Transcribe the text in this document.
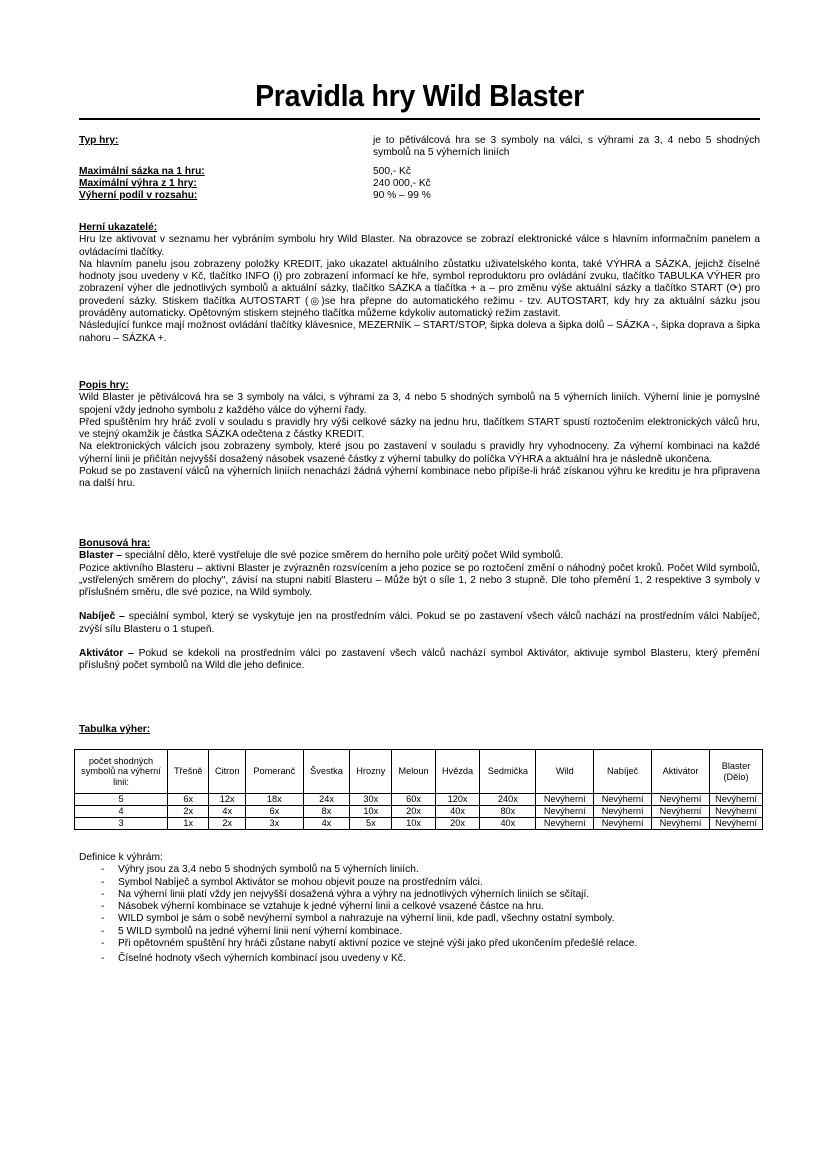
Pravidla hry Wild Blaster
Typ hry:	je to pětiválcová hra se 3 symboly na válci, s výhrami za 3, 4 nebo 5 shodných symbolů na 5 výherních liniích
Maximální sázka na 1 hru:	500,- Kč
Maximální výhra z 1 hry:	240 000,- Kč
Výherní podíl v rozsahu:	90 % – 99 %
Herní ukazatelé:

Hru lze aktivovat v seznamu her vybráním symbolu hry Wild Blaster. Na obrazovce se zobrazí elektronické válce s hlavním informačním panelem a ovládacími tlačítky.

Na hlavním panelu jsou zobrazeny položky KREDIT, jako ukazatel aktuálního zůstatku uživatelského konta, také VÝHRA a SÁZKA, jejichž číselné hodnoty jsou uvedeny v Kč, tlačítko INFO (i) pro zobrazení informací ke hře, symbol reproduktoru pro ovládání zvuku, tlačítko TABULKA VÝHER pro zobrazení výher dle jednotlivých symbolů a aktuální sázky, tlačítko SÁZKA a tlačítka + a – pro změnu výše aktuální sázky a tlačítko START (⟳) pro provedení sázky. Stiskem tlačítka AUTOSTART (◎)se hra přepne do automatického režimu - tzv. AUTOSTART, kdy hry za aktuální sázku jsou prováděny automaticky. Opětovným stiskem stejného tlačítka můžeme kdykoliv automatický režim zastavit.

Následující funkce mají možnost ovládání tlačítky klávesnice, MEZERNÍK – START/STOP, šipka doleva a šipka dolů – SÁZKA -, šipka doprava a šipka nahoru – SÁZKA +.

Popis hry:

Wild Blaster je pětiválcová hra se 3 symboly na válci, s výhrami za 3, 4 nebo 5 shodných symbolů na 5 výherních liniích. Výherní linie je pomyslné spojení vždy jednoho symbolu z každého válce do výherní řady.

Před spuštěním hry hráč zvolí v souladu s pravidly hry výši celkové sázky na jednu hru, tlačítkem START spustí roztočením elektronických válců hru, ve stejný okamžik je částka SÁZKA odečtena z částky KREDIT.

Na elektronických válcích jsou zobrazeny symboly, které jsou po zastavení v souladu s pravidly hry vyhodnoceny. Za výherní kombinaci na každé výherní linii je přičítán nejvyšší dosažený násobek vsazené částky z výherní tabulky do políčka VÝHRA a aktuální hra je následně ukončena.

Pokud se po zastavení válců na výherních liniích nenachází žádná výherní kombinace nebo připíše-li hráč získanou výhru ke kreditu je hra připravena na další hru.

Bonusová hra:

Blaster – speciální dělo, které vystřeluje dle své pozice směrem do herního pole určitý počet Wild symbolů.

Pozice aktivního Blasteru – aktivní Blaster je zvýrazněn rozsvícením a jeho pozice se po roztočení změní o náhodný počet kroků. Počet Wild symbolů, „vstřelených směrem do plochy", závisí na stupni nabití Blasteru – Může být o síle 1, 2 nebo 3 stupně. Dle toho přemění 1, 2 respektive 3 symboly v příslušném směru, dle své pozice, na Wild symboly.

Nabíječ – speciální symbol, který se vyskytuje jen na prostředním válci. Pokud se po zastavení všech válců nachází na prostředním válci Nabíječ, zvýší sílu Blasteru o 1 stupeň.

Aktivátor – Pokud se kdekoli na prostředním válci po zastavení všech válců nachází symbol Aktivátor, aktivuje symbol Blasteru, který přemění příslušný počet symbolů na Wild dle jeho definice.

Tabulka výher:
počet shodných symbolů na výherní linii:	Třešně	Citron	Pomeranč	Švestka	Hrozny	Meloun	Hvězda	Sedmička	Wild	Nabíječ	Aktivátor	Blaster (Dělo)
5	6x	12x	18x	24x	30x	60x	120x	240x	Nevýherní	Nevýherní	Nevýherní	Nevýherní
4	2x	4x	6x	8x	10x	20x	40x	80x	Nevýherní	Nevýherní	Nevýherní	Nevýherní
3	1x	2x	3x	4x	5x	10x	20x	40x	Nevýherní	Nevýherní	Nevýherní	Nevýherní
Definice k výhrám:
- Výhry jsou za 3,4 nebo 5 shodných symbolů na 5 výherních liniích.
- Symbol Nabíječ a symbol Aktivátor se mohou objevit pouze na prostředním válci.
- Na výherní linii platí vždy jen nejvyšší dosažená výhra a výhry na jednotlivých výherních liniích se sčítají.
- Násobek výherní kombinace se vztahuje k jedné výherní linii a celkové vsazené částce na hru.
- WILD symbol je sám o sobě nevýherní symbol a nahrazuje na výherní linii, kde padl, všechny ostatní symboly.
- 5 WILD symbolů na jedné výherní linii není výherní kombinace.
- Při opětovném spuštění hry hráči zůstane nabytí aktivní pozice ve stejné výši jako před ukončením předešlé relace.
- Číselné hodnoty všech výherních kombinací jsou uvedeny v Kč.
